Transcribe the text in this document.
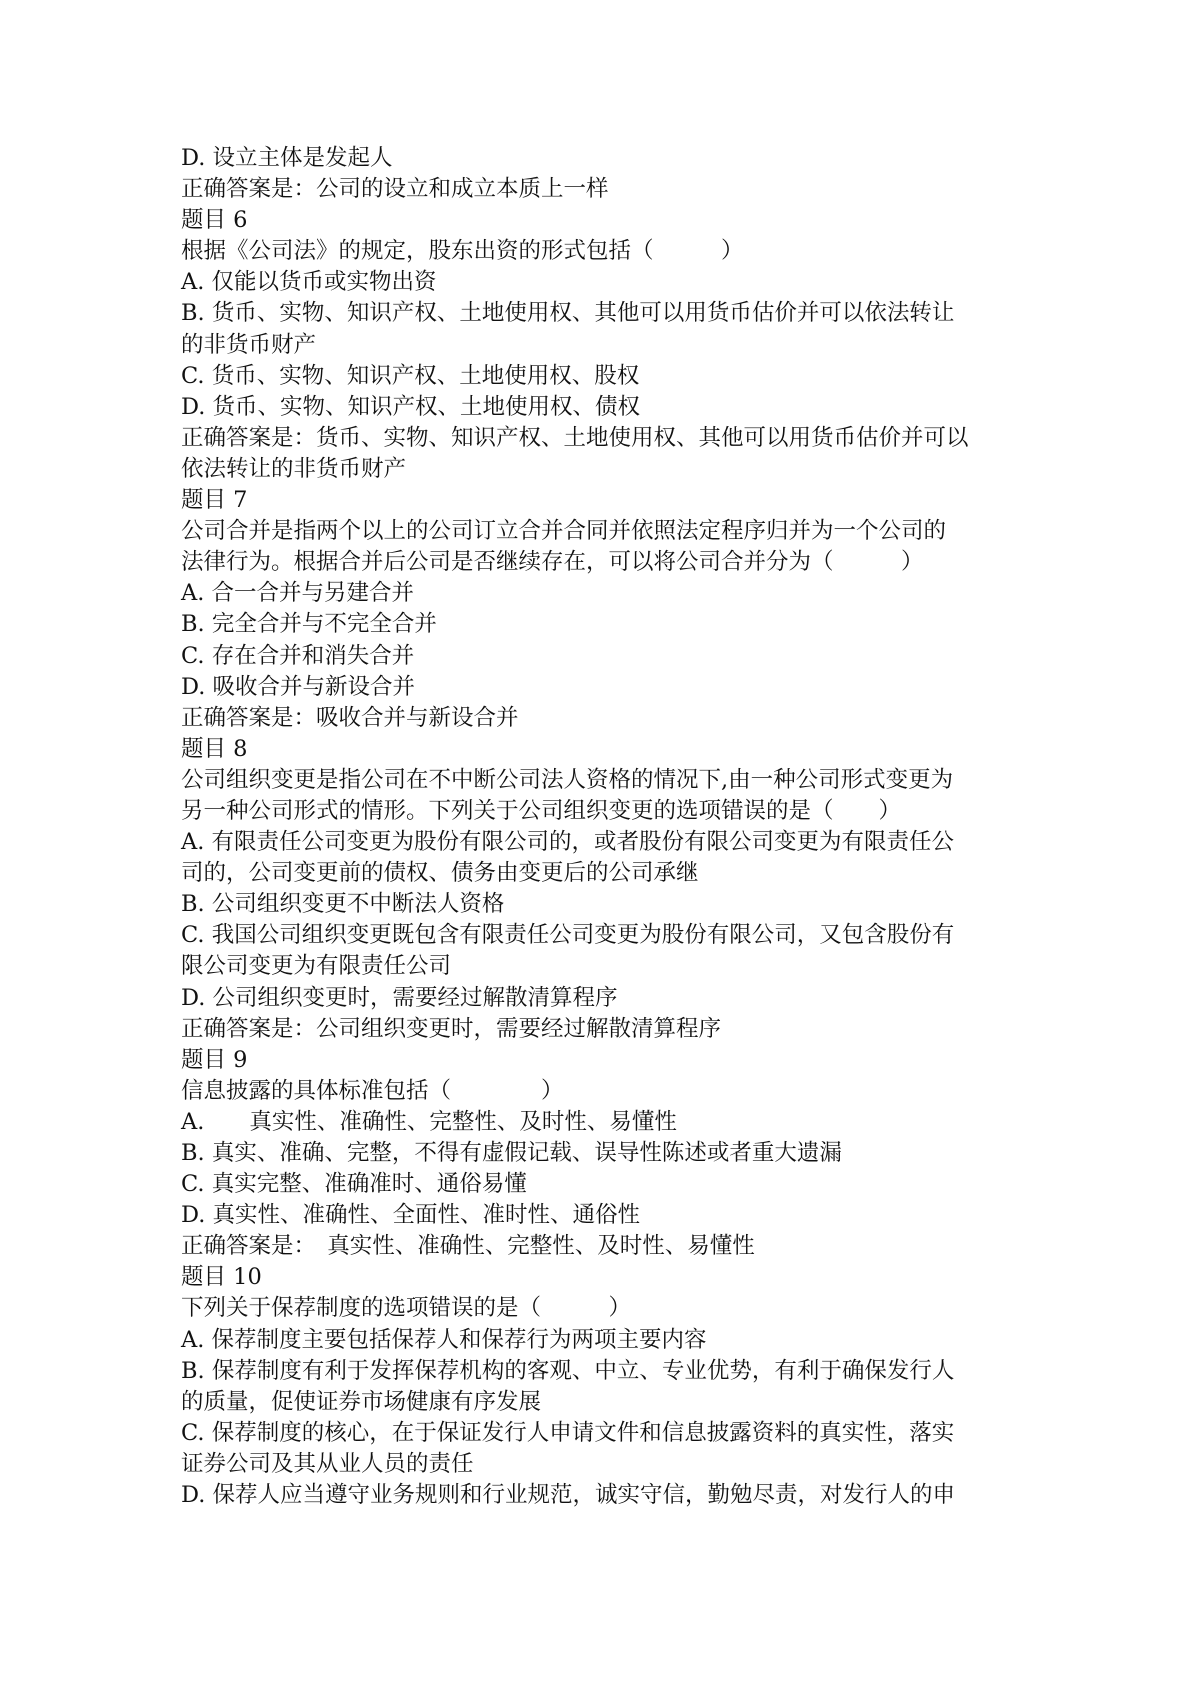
D. 设立主体是发起人
正确答案是：公司的设立和成立本质上一样
题目 6
根据《公司法》的规定，股东出资的形式包括（　　　）
A. 仅能以货币或实物出资
B. 货币、实物、知识产权、土地使用权、其他可以用货币估价并可以依法转让
的非货币财产
C. 货币、实物、知识产权、土地使用权、股权
D. 货币、实物、知识产权、土地使用权、债权
正确答案是：货币、实物、知识产权、土地使用权、其他可以用货币估价并可以
依法转让的非货币财产
题目 7
公司合并是指两个以上的公司订立合并合同并依照法定程序归并为一个公司的
法律行为。根据合并后公司是否继续存在，可以将公司合并分为（　　　）
A. 合一合并与另建合并
B. 完全合并与不完全合并
C. 存在合并和消失合并
D. 吸收合并与新设合并
正确答案是：吸收合并与新设合并
题目 8
公司组织变更是指公司在不中断公司法人资格的情况下,由一种公司形式变更为
另一种公司形式的情形。下列关于公司组织变更的选项错误的是（　　）
A. 有限责任公司变更为股份有限公司的，或者股份有限公司变更为有限责任公
司的，公司变更前的债权、债务由变更后的公司承继
B. 公司组织变更不中断法人资格
C. 我国公司组织变更既包含有限责任公司变更为股份有限公司，又包含股份有
限公司变更为有限责任公司
D. 公司组织变更时，需要经过解散清算程序
正确答案是：公司组织变更时，需要经过解散清算程序
题目 9
信息披露的具体标准包括（　　　　）
A.　　真实性、准确性、完整性、及时性、易懂性
B. 真实、准确、完整，不得有虚假记载、误导性陈述或者重大遗漏
C. 真实完整、准确准时、通俗易懂
D. 真实性、准确性、全面性、准时性、通俗性
正确答案是：　真实性、准确性、完整性、及时性、易懂性
题目 10
下列关于保荐制度的选项错误的是（　　　）
A. 保荐制度主要包括保荐人和保荐行为两项主要内容
B. 保荐制度有利于发挥保荐机构的客观、中立、专业优势，有利于确保发行人
的质量，促使证券市场健康有序发展
C. 保荐制度的核心，在于保证发行人申请文件和信息披露资料的真实性，落实
证券公司及其从业人员的责任
D. 保荐人应当遵守业务规则和行业规范，诚实守信，勤勉尽责，对发行人的申
